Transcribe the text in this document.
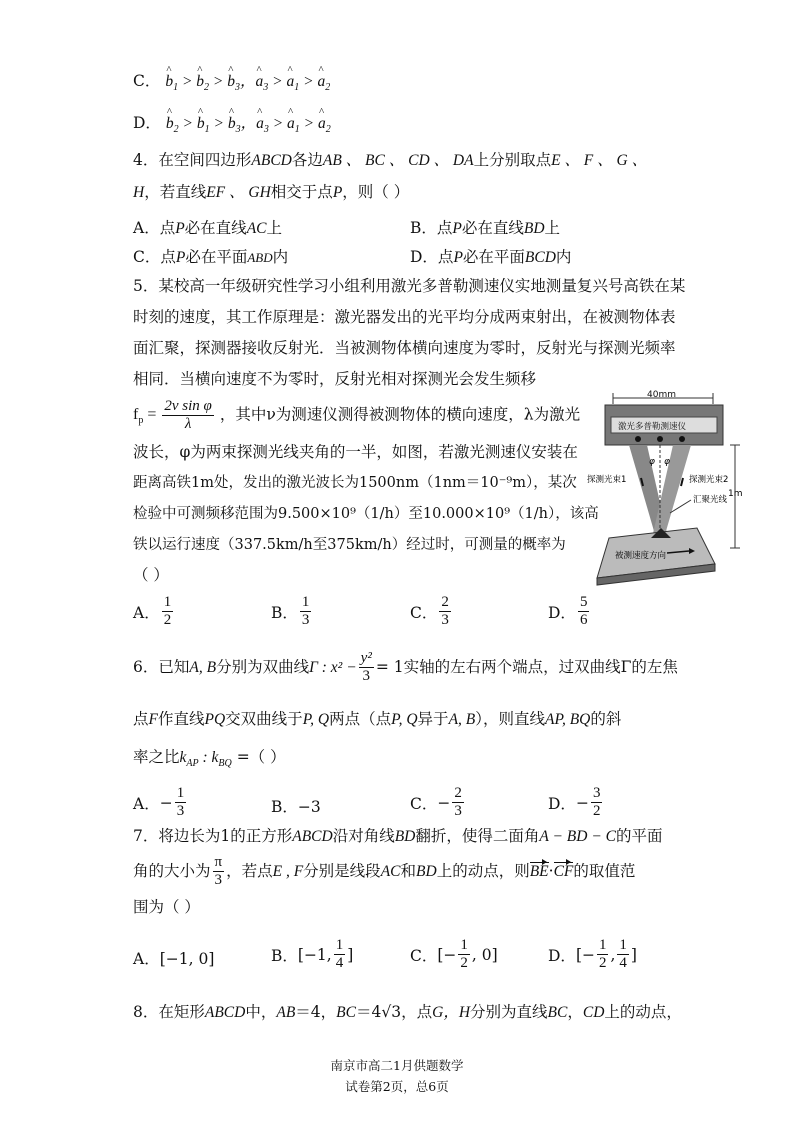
C． ^ $b_1$ > ^ $b_2$ > ^ $b_3$，^ $a_3$ > ^ $a_1$ > ^ $a_2$
D． ^ $b_2$ > ^ $b_1$ > ^ $b_3$，^ $a_3$ > ^ $a_1$ > ^ $a_2$
4．在空间四边形ABCD各边AB 、 BC 、 CD 、 DA上分别取点E 、 F 、 G 、
H，若直线EF 、 GH相交于点P，则（ ）
A．点P必在直线AC上	B．点P必在直线BD上
C．点P必在平面ABD内	D．点P必在平面BCD内
5．某校高一年级研究性学习小组利用激光多普勒测速仪实地测量复兴号高铁在某
时刻的速度，其工作原理是：激光器发出的光平均分成两束射出，在被测物体表
面汇聚，探测器接收反射光．当被测物体横向速度为零时，反射光与探测光频率
相同．当横向速度不为零时，反射光相对探测光会发生频移
$f_p = \frac{\text{2ν sin φ}}{\lambda}$ ，其中ν为测速仪测得被测物体的横向速度，λ为激光
波长，φ为两束探测光线夹角的一半，如图，若激光测速仪安装在
距离高铁1m处，发出的激光波长为1500nm（1nm＝10⁻⁹m），某次
检验中可测频移范围为9.500×10⁹（1/h）至10.000×10⁹（1/h），该高
铁以运行速度（337.5km/h至375km/h）经过时，可测量的概率为
（ ）
A． $\frac{1}{2}$	B． $\frac{1}{3}$	C． $\frac{2}{3}$	D． $\frac{5}{6}$
40mm
激光多普勒测速仪
φ φ
探测光束1	探测光束2
汇聚光线
1m
被测速度方向
6．已知A, B分别为双曲线Γ : $x^2 - \frac{\text{y²}}{3} = 1$实轴的左右两个端点，过双曲线Γ的左焦
点F作直线PQ交双曲线于P, Q两点（点P, Q异于A, B），则直线AP, BQ的斜
率之比$k_{AP}$ : $k_{BQ}$ =（ ）
A．− $\frac{1}{3}$	B．−3	C．− $\frac{2}{3}$	D．− $\frac{3}{2}$
7．将边长为1的正方形ABCD沿对角线BD翻折，使得二面角A − BD − C的平面
角的大小为 $\frac{\pi}{3}$ ，若点E , F分别是线段AC和BD上的动点，则BE·CF的取值范
围为（ ）
A．[−1, 0]	B．[−1, $\frac{1}{4}$ ]	C．[− $\frac{1}{2}$ , 0]	D．[− $\frac{1}{2}$ , $\frac{1}{4}$ ]
8．在矩形ABCD中，AB＝4，BC＝4√3，点G，H分别为直线BC，CD上的动点，
南京市高二1月供题数学
试卷第2页，总6页
